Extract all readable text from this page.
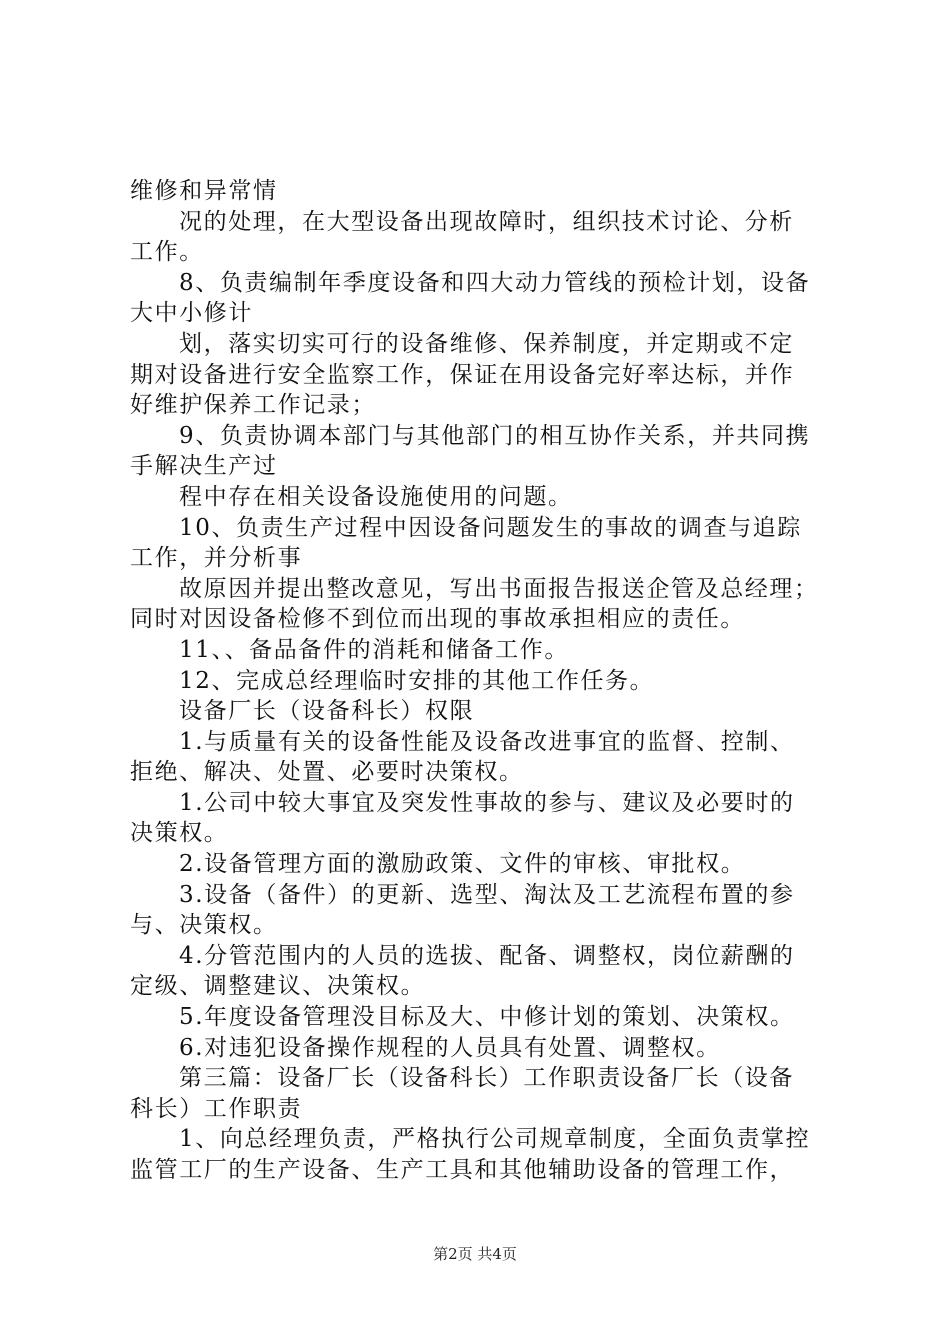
维修和异常情
况的处理，在大型设备出现故障时，组织技术讨论、分析
工作。
8、负责编制年季度设备和四大动力管线的预检计划，设备
大中小修计
划，落实切实可行的设备维修、保养制度，并定期或不定
期对设备进行安全监察工作，保证在用设备完好率达标，并作
好维护保养工作记录；
9、负责协调本部门与其他部门的相互协作关系，并共同携
手解决生产过
程中存在相关设备设施使用的问题。
10、负责生产过程中因设备问题发生的事故的调查与追踪
工作，并分析事
故原因并提出整改意见，写出书面报告报送企管及总经理；
同时对因设备检修不到位而出现的事故承担相应的责任。
11、、备品备件的消耗和储备工作。
12、完成总经理临时安排的其他工作任务。
设备厂长（设备科长）权限
1.与质量有关的设备性能及设备改进事宜的监督、控制、
拒绝、解决、处置、必要时决策权。
1.公司中较大事宜及突发性事故的参与、建议及必要时的
决策权。
2.设备管理方面的激励政策、文件的审核、审批权。
3.设备（备件）的更新、选型、淘汰及工艺流程布置的参
与、决策权。
4.分管范围内的人员的选拔、配备、调整权，岗位薪酬的
定级、调整建议、决策权。
5.年度设备管理没目标及大、中修计划的策划、决策权。
6.对违犯设备操作规程的人员具有处置、调整权。
第三篇：设备厂长（设备科长）工作职责设备厂长（设备
科长）工作职责
1、向总经理负责，严格执行公司规章制度，全面负责掌控
监管工厂的生产设备、生产工具和其他辅助设备的管理工作，
第2页 共4页
